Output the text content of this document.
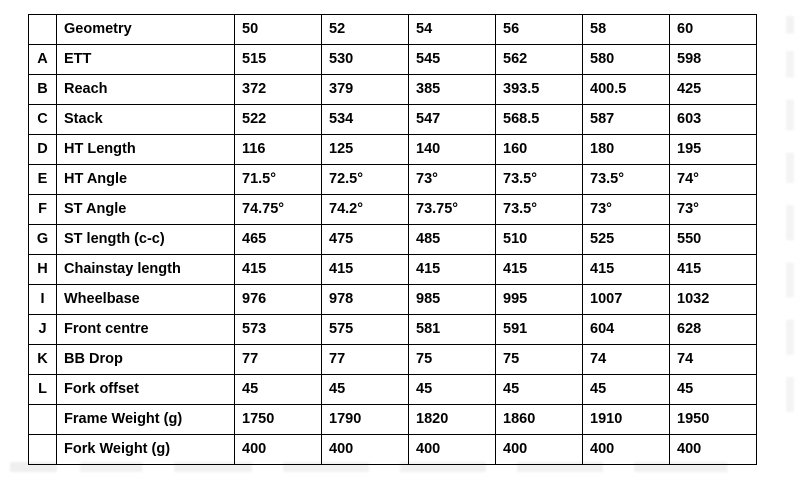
	Geometry	50	52	54	56	58	60
A	ETT	515	530	545	562	580	598
B	Reach	372	379	385	393.5	400.5	425
C	Stack	522	534	547	568.5	587	603
D	HT Length	116	125	140	160	180	195
E	HT Angle	71.5°	72.5°	73°	73.5°	73.5°	74°
F	ST Angle	74.75°	74.2°	73.75°	73.5°	73°	73°
G	ST length (c-c)	465	475	485	510	525	550
H	Chainstay length	415	415	415	415	415	415
I	Wheelbase	976	978	985	995	1007	1032
J	Front centre	573	575	581	591	604	628
K	BB Drop	77	77	75	75	74	74
L	Fork offset	45	45	45	45	45	45
	Frame Weight (g)	1750	1790	1820	1860	1910	1950
	Fork Weight (g)	400	400	400	400	400	400
